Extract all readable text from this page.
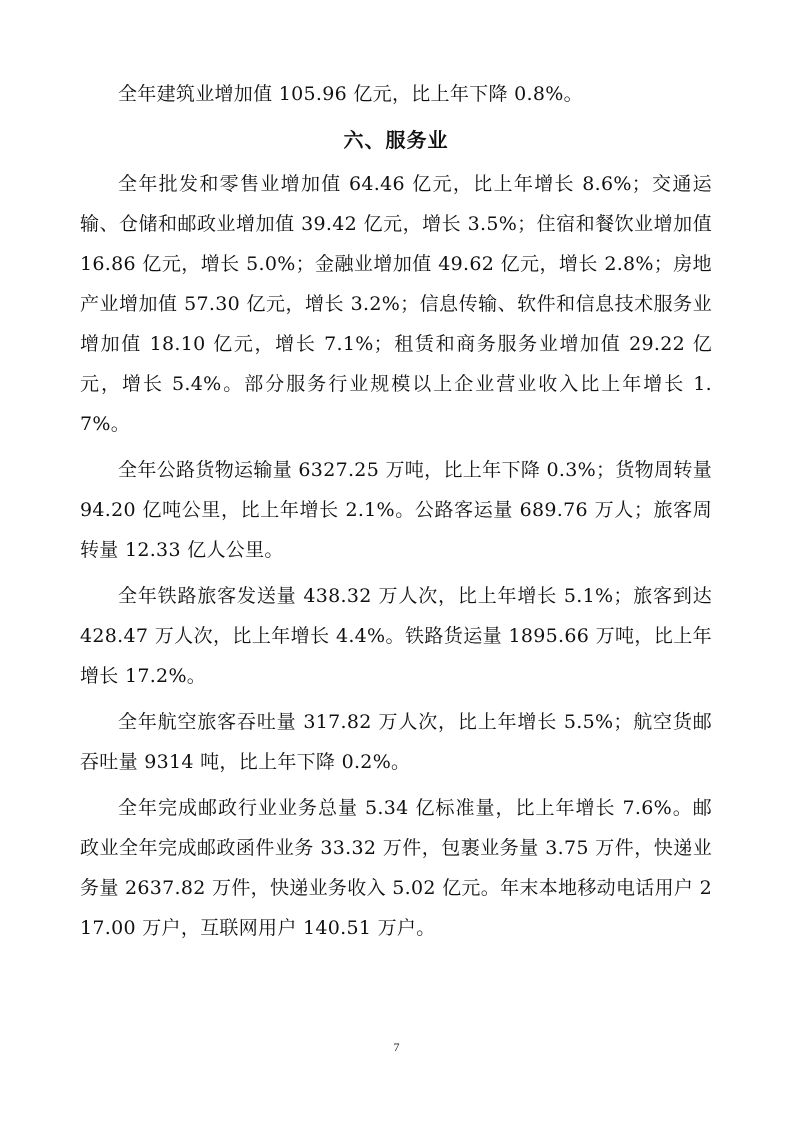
全年建筑业增加值 105.96 亿元，比上年下降 0.8%。

六、服务业

全年批发和零售业增加值 64.46 亿元，比上年增长 8.6%；交通运输、仓储和邮政业增加值 39.42 亿元，增长 3.5%；住宿和餐饮业增加值 16.86 亿元，增长 5.0%；金融业增加值 49.62 亿元，增长 2.8%；房地产业增加值 57.30 亿元，增长 3.2%；信息传输、软件和信息技术服务业增加值 18.10 亿元，增长 7.1%；租赁和商务服务业增加值 29.22 亿元，增长 5.4%。部分服务行业规模以上企业营业收入比上年增长 1.7%。

全年公路货物运输量 6327.25 万吨，比上年下降 0.3%；货物周转量 94.20 亿吨公里，比上年增长 2.1%。公路客运量 689.76 万人；旅客周转量 12.33 亿人公里。

全年铁路旅客发送量 438.32 万人次，比上年增长 5.1%；旅客到达 428.47 万人次，比上年增长 4.4%。铁路货运量 1895.66 万吨，比上年增长 17.2%。

全年航空旅客吞吐量 317.82 万人次，比上年增长 5.5%；航空货邮吞吐量 9314 吨，比上年下降 0.2%。

全年完成邮政行业业务总量 5.34 亿标准量，比上年增长 7.6%。邮政业全年完成邮政函件业务 33.32 万件，包裹业务量 3.75 万件，快递业务量 2637.82 万件，快递业务收入 5.02 亿元。年末本地移动电话用户 217.00 万户，互联网用户 140.51 万户。

7
